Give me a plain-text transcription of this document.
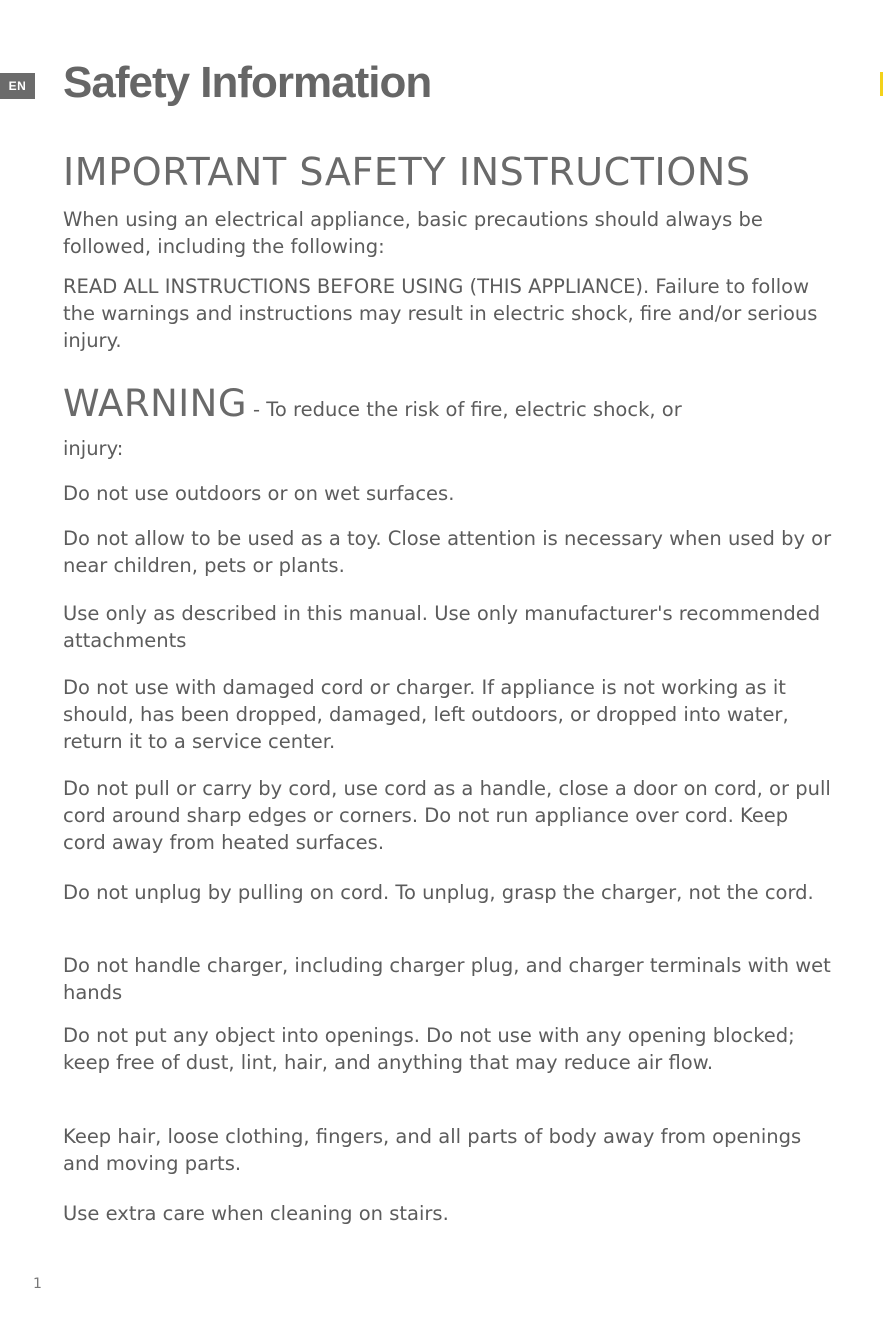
EN Safety Information
IMPORTANT SAFETY INSTRUCTIONS

When using an electrical appliance, basic precautions should always be followed, including the following:

READ ALL INSTRUCTIONS BEFORE USING (THIS APPLIANCE). Failure to follow the warnings and instructions may result in electric shock, fire and/or serious injury.

WARNING - To reduce the risk of fire, electric shock, or

injury:

Do not use outdoors or on wet surfaces.

Do not allow to be used as a toy. Close attention is necessary when used by or near children, pets or plants.

Use only as described in this manual. Use only manufacturer's recommended attachments

Do not use with damaged cord or charger. If appliance is not working as it should, has been dropped, damaged, left outdoors, or dropped into water, return it to a service center.

Do not pull or carry by cord, use cord as a handle, close a door on cord, or pull cord around sharp edges or corners. Do not run appliance over cord. Keep cord away from heated surfaces.

Do not unplug by pulling on cord. To unplug, grasp the charger, not the cord.

Do not handle charger, including charger plug, and charger terminals with wet hands

Do not put any object into openings. Do not use with any opening blocked; keep free of dust, lint, hair, and anything that may reduce air flow.

Keep hair, loose clothing, fingers, and all parts of body away from openings and moving parts.

Use extra care when cleaning on stairs.

1
